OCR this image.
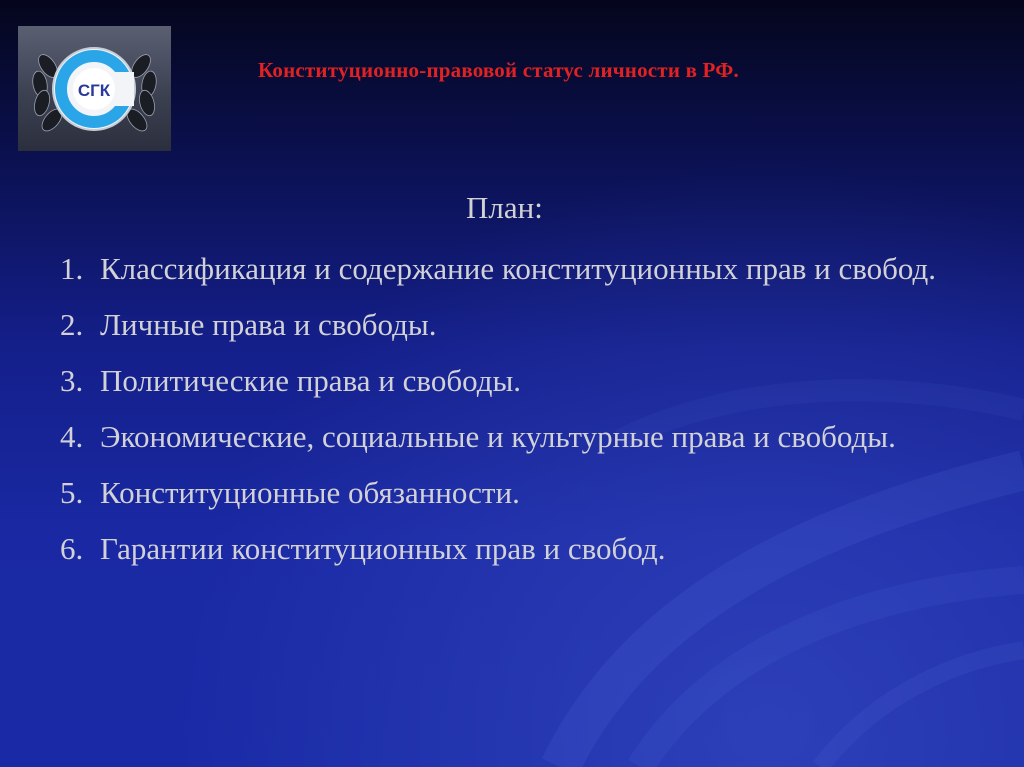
СГК
Конституционно-правовой статус личности в РФ.
План:
1. Классификация и содержание конституционных прав и свобод.
2. Личные права и свободы.
3. Политические права и свободы.
4. Экономические, социальные и культурные права и свободы.
5. Конституционные обязанности.
6. Гарантии конституционных прав и свобод.
